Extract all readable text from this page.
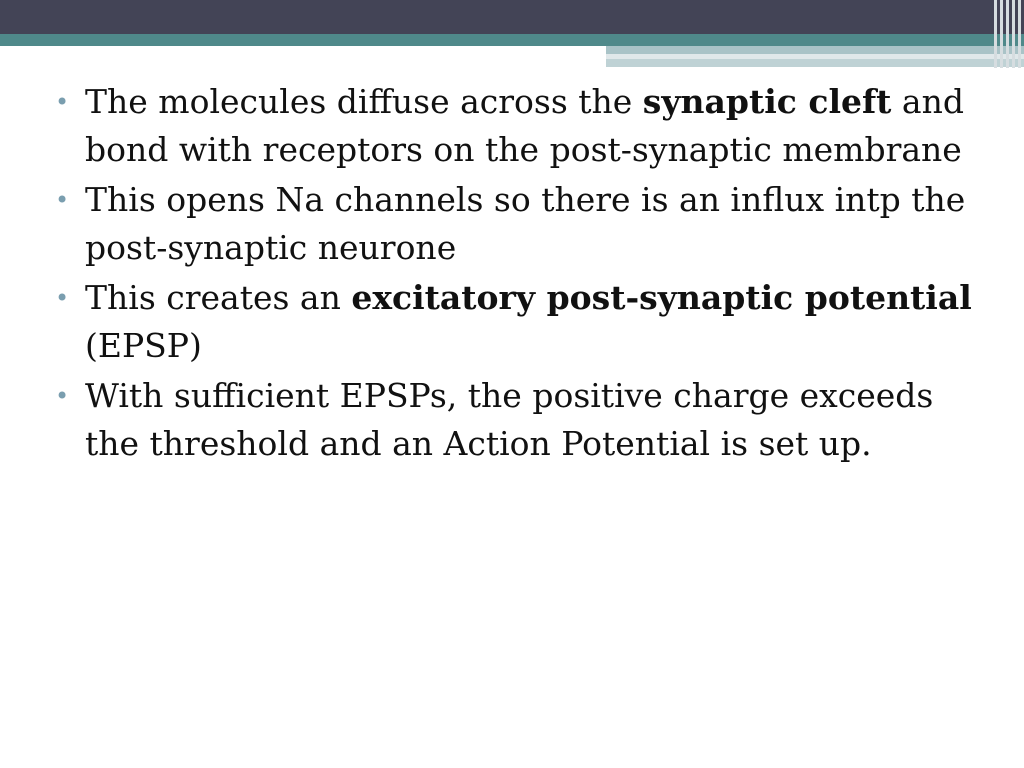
• The molecules diffuse across the synaptic cleft and bond with receptors on the post-synaptic membrane
• This opens Na channels so there is an influx intp the post-synaptic neurone
• This creates an excitatory post-synaptic potential (EPSP)
• With sufficient EPSPs, the positive charge exceeds the threshold and an Action Potential is set up.
